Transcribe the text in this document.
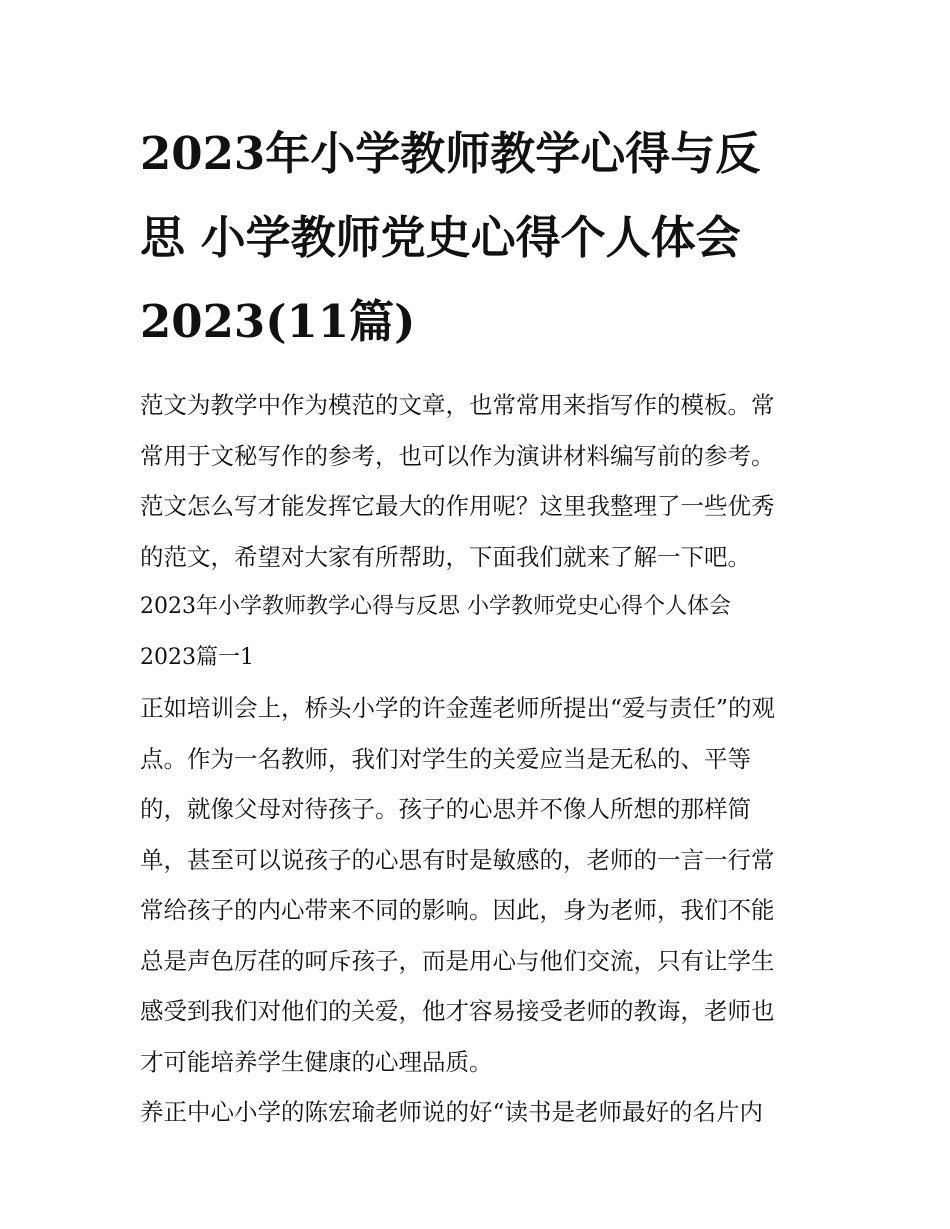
2023年小学教师教学心得与反
思 小学教师党史心得个人体会
2023(11篇)

范文为教学中作为模范的文章，也常常用来指写作的模板。常
常用于文秘写作的参考，也可以作为演讲材料编写前的参考。
范文怎么写才能发挥它最大的作用呢？这里我整理了一些优秀
的范文，希望对大家有所帮助，下面我们就来了解一下吧。

2023年小学教师教学心得与反思 小学教师党史心得个人体会
2023篇一1

正如培训会上，桥头小学的许金莲老师所提出“爱与责任”的观
点。作为一名教师，我们对学生的关爱应当是无私的、平等
的，就像父母对待孩子。孩子的心思并不像人所想的那样简
单，甚至可以说孩子的心思有时是敏感的，老师的一言一行常
常给孩子的内心带来不同的影响。因此，身为老师，我们不能
总是声色厉荏的呵斥孩子，而是用心与他们交流，只有让学生
感受到我们对他们的关爱，他才容易接受老师的教诲，老师也
才可能培养学生健康的心理品质。

养正中心小学的陈宏瑜老师说的好“读书是老师最好的名片内
